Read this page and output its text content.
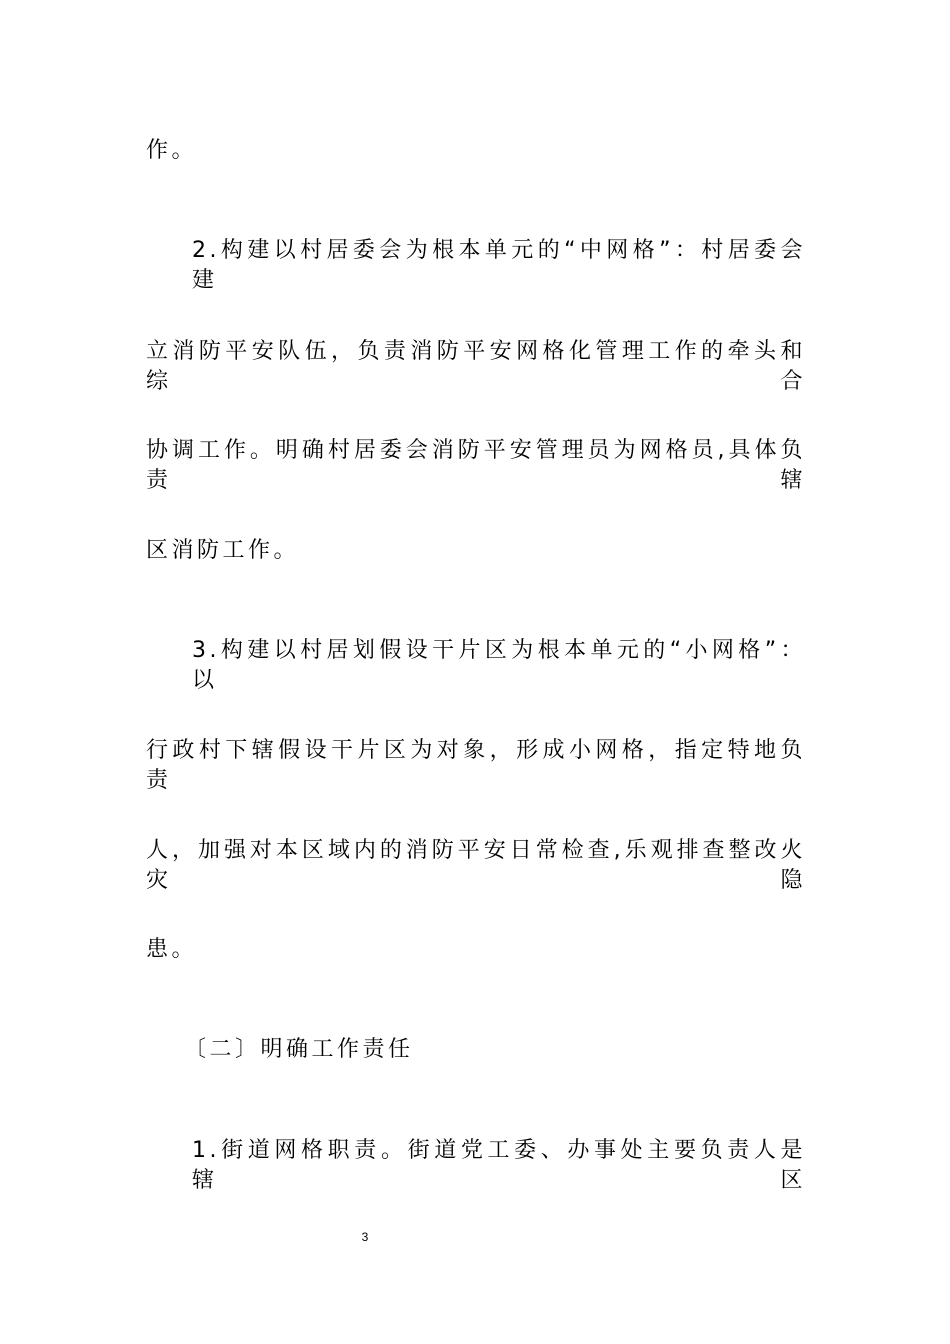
作。
2.构建以村居委会为根本单元的“中网格”：村居委会建
立消防平安队伍，负责消防平安网格化管理工作的牵头和综合
协调工作。明确村居委会消防平安管理员为网格员,具体负责辖
区消防工作。
3.构建以村居划假设干片区为根本单元的“小网格”：以
行政村下辖假设干片区为对象，形成小网格，指定特地负责
人，加强对本区域内的消防平安日常检查,乐观排查整改火灾隐
患。
〔二〕明确工作责任
1.街道网格职责。街道党工委、办事处主要负责人是辖区
3
